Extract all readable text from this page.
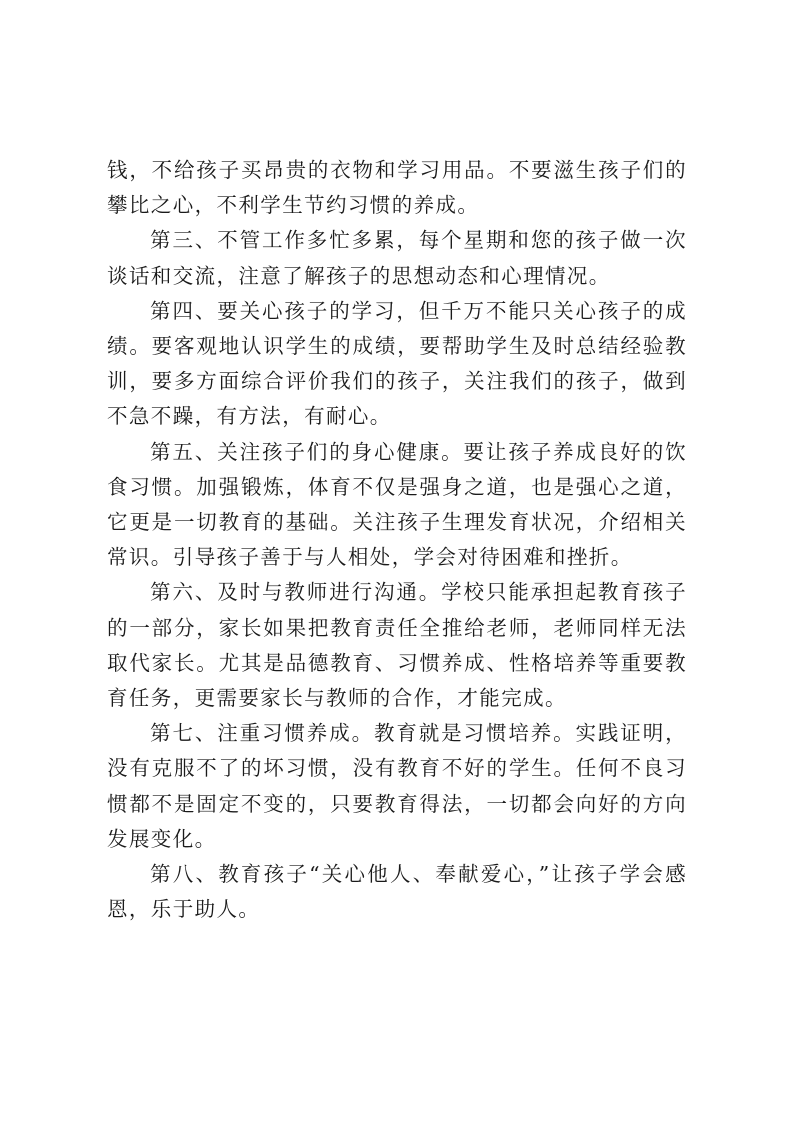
钱，不给孩子买昂贵的衣物和学习用品。不要滋生孩子们的攀比之心，不利学生节约习惯的养成。

第三、不管工作多忙多累，每个星期和您的孩子做一次谈话和交流，注意了解孩子的思想动态和心理情况。

第四、要关心孩子的学习，但千万不能只关心孩子的成绩。要客观地认识学生的成绩，要帮助学生及时总结经验教训，要多方面综合评价我们的孩子，关注我们的孩子，做到不急不躁，有方法，有耐心。

第五、关注孩子们的身心健康。要让孩子养成良好的饮食习惯。加强锻炼，体育不仅是强身之道，也是强心之道，它更是一切教育的基础。关注孩子生理发育状况，介绍相关常识。引导孩子善于与人相处，学会对待困难和挫折。

第六、及时与教师进行沟通。学校只能承担起教育孩子的一部分，家长如果把教育责任全推给老师，老师同样无法取代家长。尤其是品德教育、习惯养成、性格培养等重要教育任务，更需要家长与教师的合作，才能完成。

第七、注重习惯养成。教育就是习惯培养。实践证明，没有克服不了的坏习惯，没有教育不好的学生。任何不良习惯都不是固定不变的，只要教育得法，一切都会向好的方向发展变化。

第八、教育孩子“关心他人、奉献爱心，”让孩子学会感恩，乐于助人。
